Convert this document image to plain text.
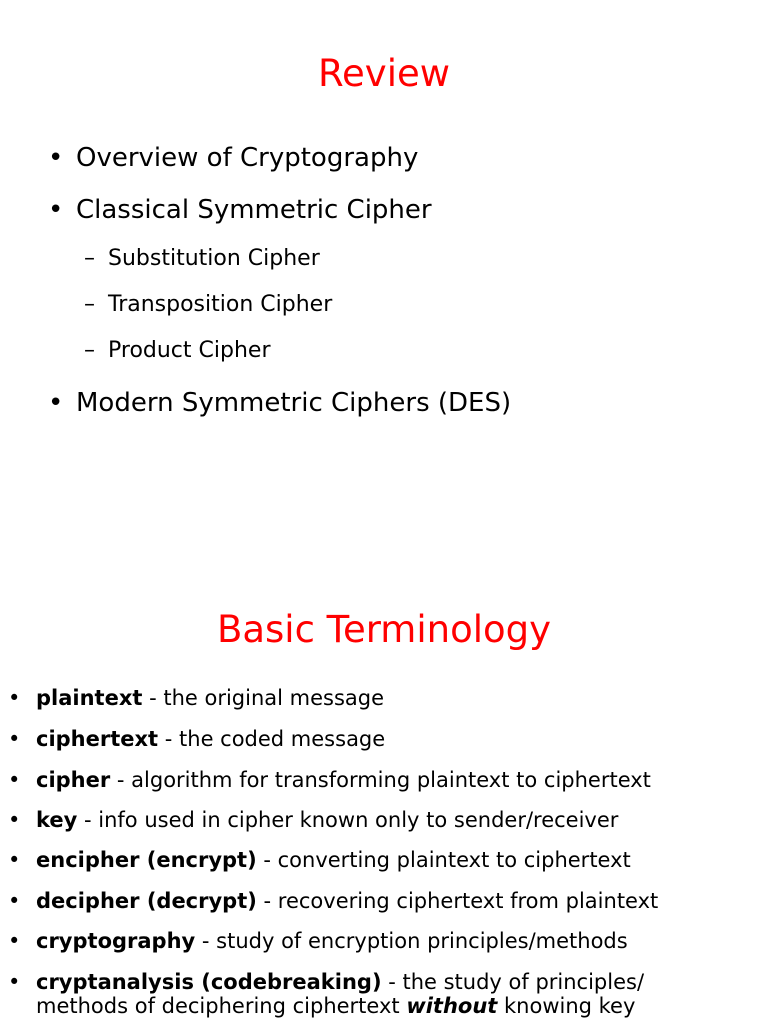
Review
• Overview of Cryptography
• Classical Symmetric Cipher
– Substitution Cipher
– Transposition Cipher
– Product Cipher
• Modern Symmetric Ciphers (DES)
Basic Terminology
• plaintext - the original message
• ciphertext - the coded message
• cipher - algorithm for transforming plaintext to ciphertext
• key - info used in cipher known only to sender/receiver
• encipher (encrypt) - converting plaintext to ciphertext
• decipher (decrypt) - recovering ciphertext from plaintext
• cryptography - study of encryption principles/methods
• cryptanalysis (codebreaking) - the study of principles/
methods of deciphering ciphertext without knowing key
